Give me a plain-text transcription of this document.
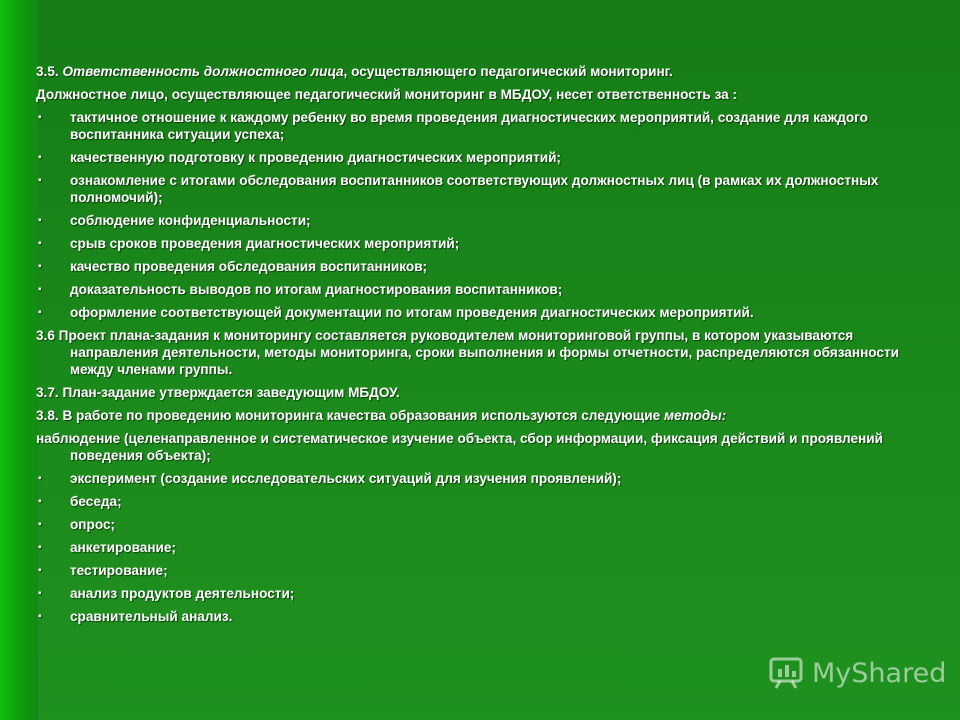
3.5. Ответственность должностного лица, осуществляющего педагогический мониторинг.
Должностное лицо, осуществляющее педагогический мониторинг в МБДОУ, несет ответственность за :
▪	тактичное отношение к каждому ребенку во время проведения диагностических мероприятий, создание для каждого воспитанника ситуации успеха;
▪	качественную подготовку к проведению диагностических мероприятий;
▪	ознакомление с итогами обследования воспитанников соответствующих должностных лиц (в рамках их должностных полномочий);
▪	соблюдение конфиденциальности;
▪	срыв сроков проведения диагностических мероприятий;
▪	качество проведения обследования воспитанников;
▪	доказательность выводов по итогам диагностирования воспитанников;
▪	оформление соответствующей документации по итогам проведения диагностических мероприятий.
3.6 Проект плана-задания к мониторингу составляется руководителем мониторинговой группы, в котором указываются направления деятельности, методы мониторинга, сроки выполнения и формы отчетности, распределяются обязанности между членами группы.
3.7. План-задание утверждается заведующим МБДОУ.
3.8. В работе по проведению мониторинга качества образования используются следующие методы:
наблюдение (целенаправленное и систематическое изучение объекта, сбор информации, фиксация действий и проявлений поведения объекта);
▪	эксперимент (создание исследовательских ситуаций для изучения проявлений);
▪	беседа;
▪	опрос;
▪	анкетирование;
▪	тестирование;
▪	анализ продуктов деятельности;
▪	сравнительный анализ.
MyShared
